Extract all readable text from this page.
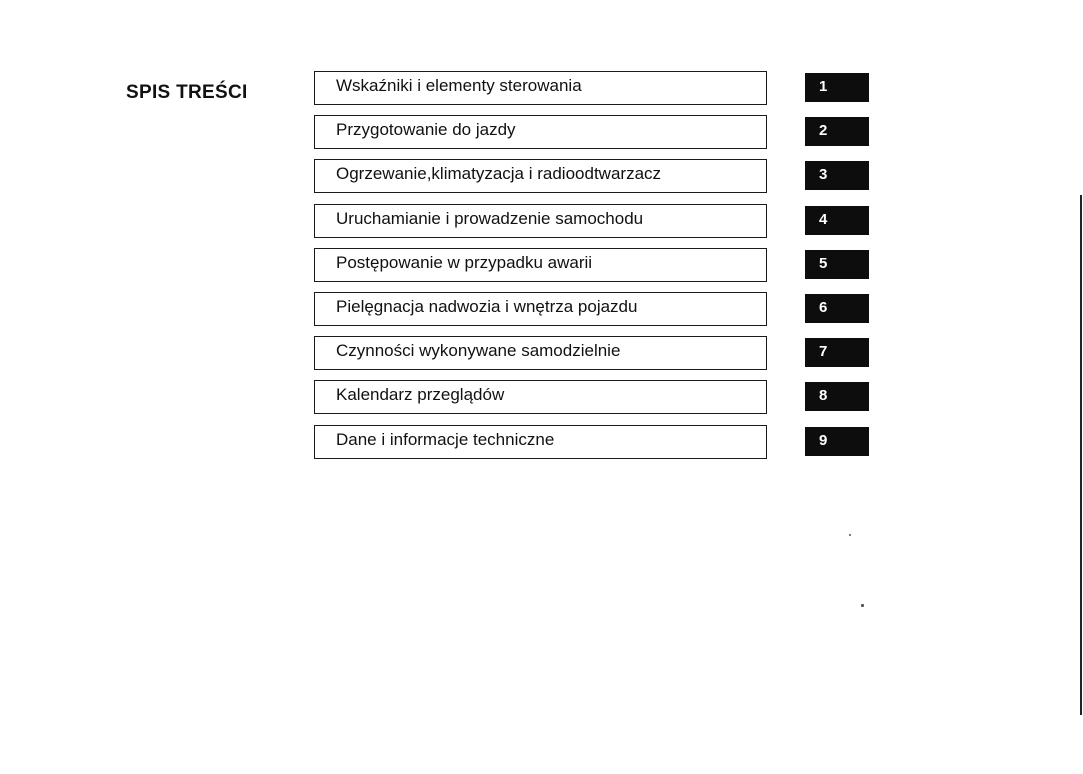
SPIS TREŚCI	Wskaźniki i elementy sterowania	1
Przygotowanie do jazdy	2
Ogrzewanie,klimatyzacja i radioodtwarzacz	3
Uruchamianie i prowadzenie samochodu	4
Postępowanie w przypadku awarii	5
Pielęgnacja nadwozia i wnętrza pojazdu	6
Czynności wykonywane samodzielnie	7
Kalendarz przeglądów	8
Dane i informacje techniczne	9
